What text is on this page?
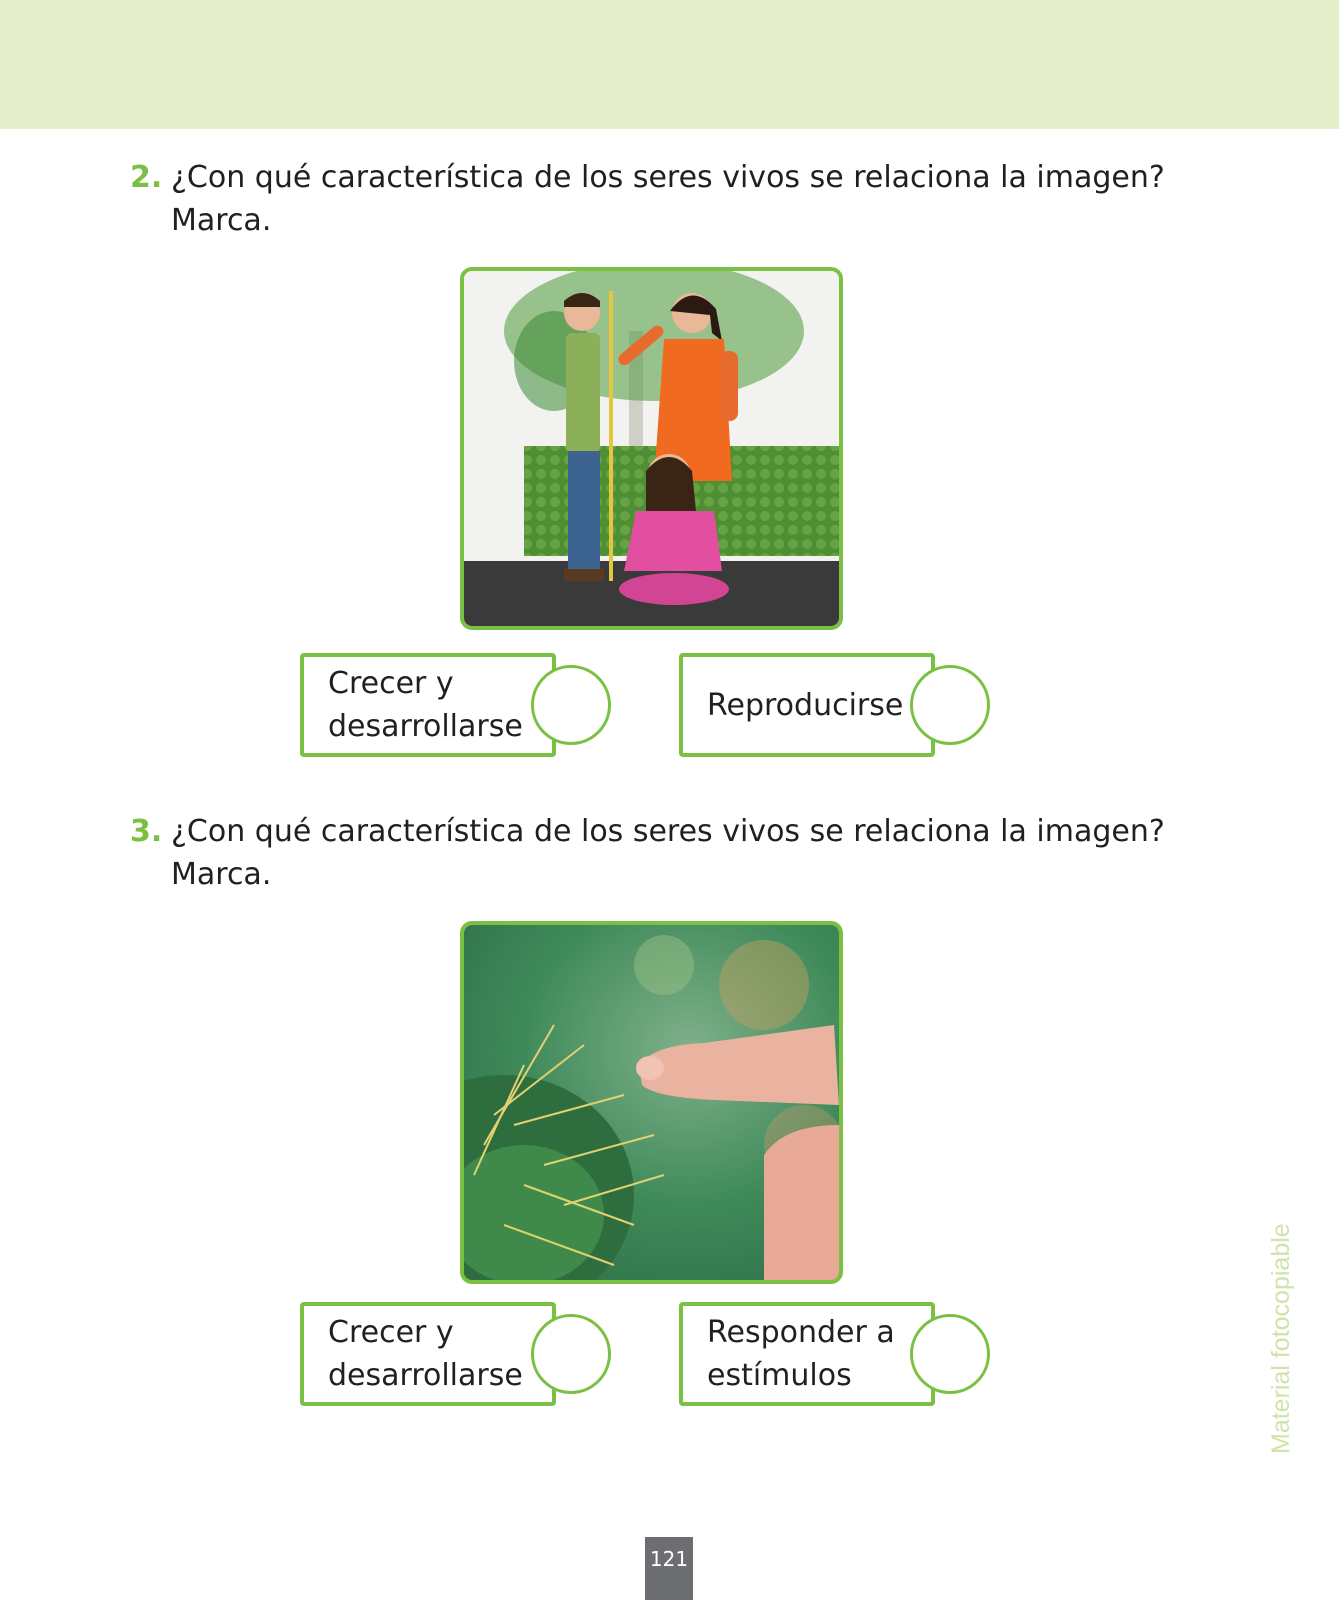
2. ¿Con qué característica de los seres vivos se relaciona la imagen? Marca.
Crecer y desarrollarse
Reproducirse
3. ¿Con qué característica de los seres vivos se relaciona la imagen? Marca.
Crecer y desarrollarse
Responder a estímulos	Material fotocopiable
121
